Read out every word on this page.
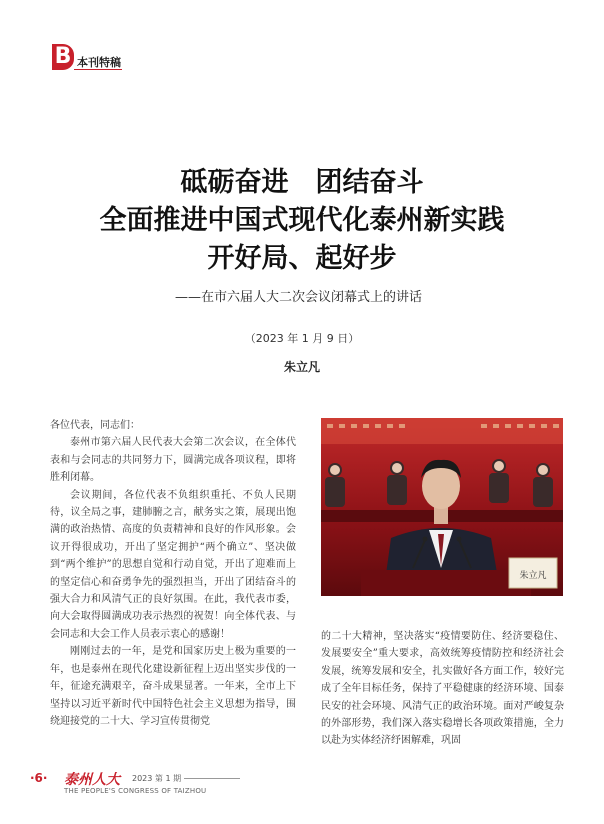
B 本刊特稿
砥砺奋进　团结奋斗
全面推进中国式现代化泰州新实践
开好局、起好步
——在市六届人大二次会议闭幕式上的讲话
（2023 年 1 月 9 日）
朱立凡

各位代表，同志们：

泰州市第六届人民代表大会第二次会议，在全体代表和与会同志的共同努力下，圆满完成各项议程，即将胜利闭幕。

会议期间，各位代表不负组织重托、不负人民期待，议全局之事，建肺腑之言，献务实之策，展现出饱满的政治热情、高度的负责精神和良好的作风形象。会议开得很成功，开出了坚定拥护“两个确立”、坚决做到“两个维护”的思想自觉和行动自觉，开出了迎难而上的坚定信心和奋勇争先的强烈担当，开出了团结奋斗的强大合力和风清气正的良好氛围。在此，我代表市委，向大会取得圆满成功表示热烈的祝贺！向全体代表、与会同志和大会工作人员表示衷心的感谢！

刚刚过去的一年，是党和国家历史上极为重要的一年，也是泰州在现代化建设新征程上迈出坚实步伐的一年，征途充满艰辛，奋斗成果显著。一年来，全市上下坚持以习近平新时代中国特色社会主义思想为指导，围绕迎接党的二十大、学习宣传贯彻党

朱立凡
的二十大精神，坚决落实“疫情要防住、经济要稳住、发展要安全”重大要求，高效统筹疫情防控和经济社会发展，统筹发展和安全，扎实做好各方面工作，较好完成了全年目标任务，保持了平稳健康的经济环境、国泰民安的社会环境、风清气正的政治环境。面对严峻复杂的外部形势，我们深入落实稳增长各项政策措施，全力以赴为实体经济纾困解难，巩固
·6· 泰州人大 2023 第 1 期
THE PEOPLE'S CONGRESS OF TAIZHOU
